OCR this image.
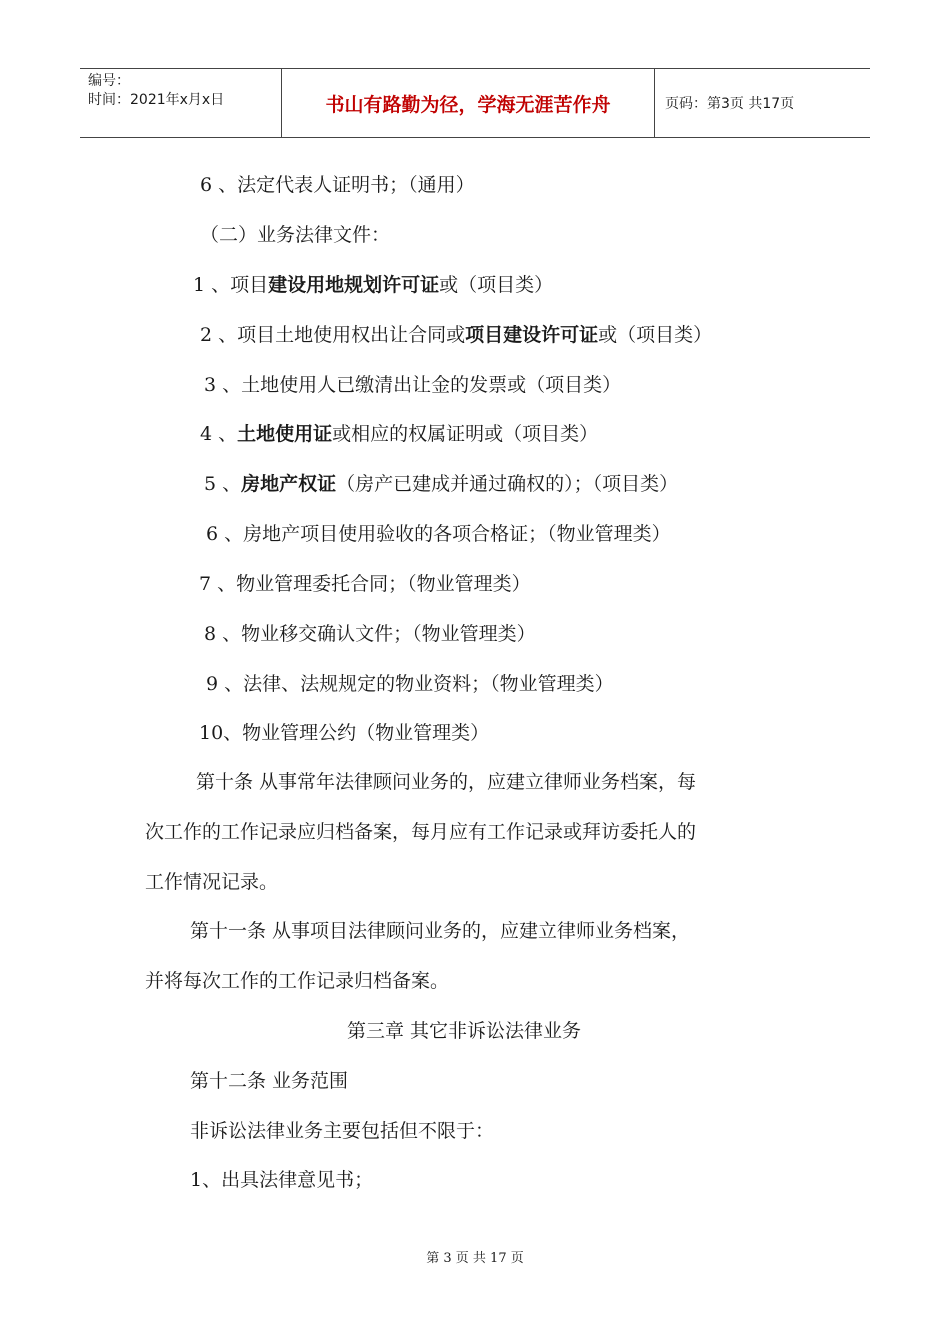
编号：
时间：2021年x月x日	书山有路勤为径，学海无涯苦作舟	页码：第3页 共17页
6 、法定代表人证明书；（通用）
（二）业务法律文件：
1 、项目建设用地规划许可证或（项目类）
2 、项目土地使用权出让合同或项目建设许可证或（项目类）
3 、土地使用人已缴清出让金的发票或（项目类）
4 、土地使用证或相应的权属证明或（项目类）
5 、房地产权证（房产已建成并通过确权的）；（项目类）
6 、房地产项目使用验收的各项合格证；（物业管理类）
7 、物业管理委托合同；（物业管理类）
8 、物业移交确认文件；（物业管理类）
9 、法律、法规规定的物业资料；（物业管理类）
10、物业管理公约（物业管理类）
第十条 从事常年法律顾问业务的，应建立律师业务档案，每
次工作的工作记录应归档备案，每月应有工作记录或拜访委托人的
工作情况记录。
第十一条 从事项目法律顾问业务的，应建立律师业务档案，
并将每次工作的工作记录归档备案。
第三章 其它非诉讼法律业务
第十二条 业务范围
非诉讼法律业务主要包括但不限于：
1、出具法律意见书；
第 3 页 共 17 页
